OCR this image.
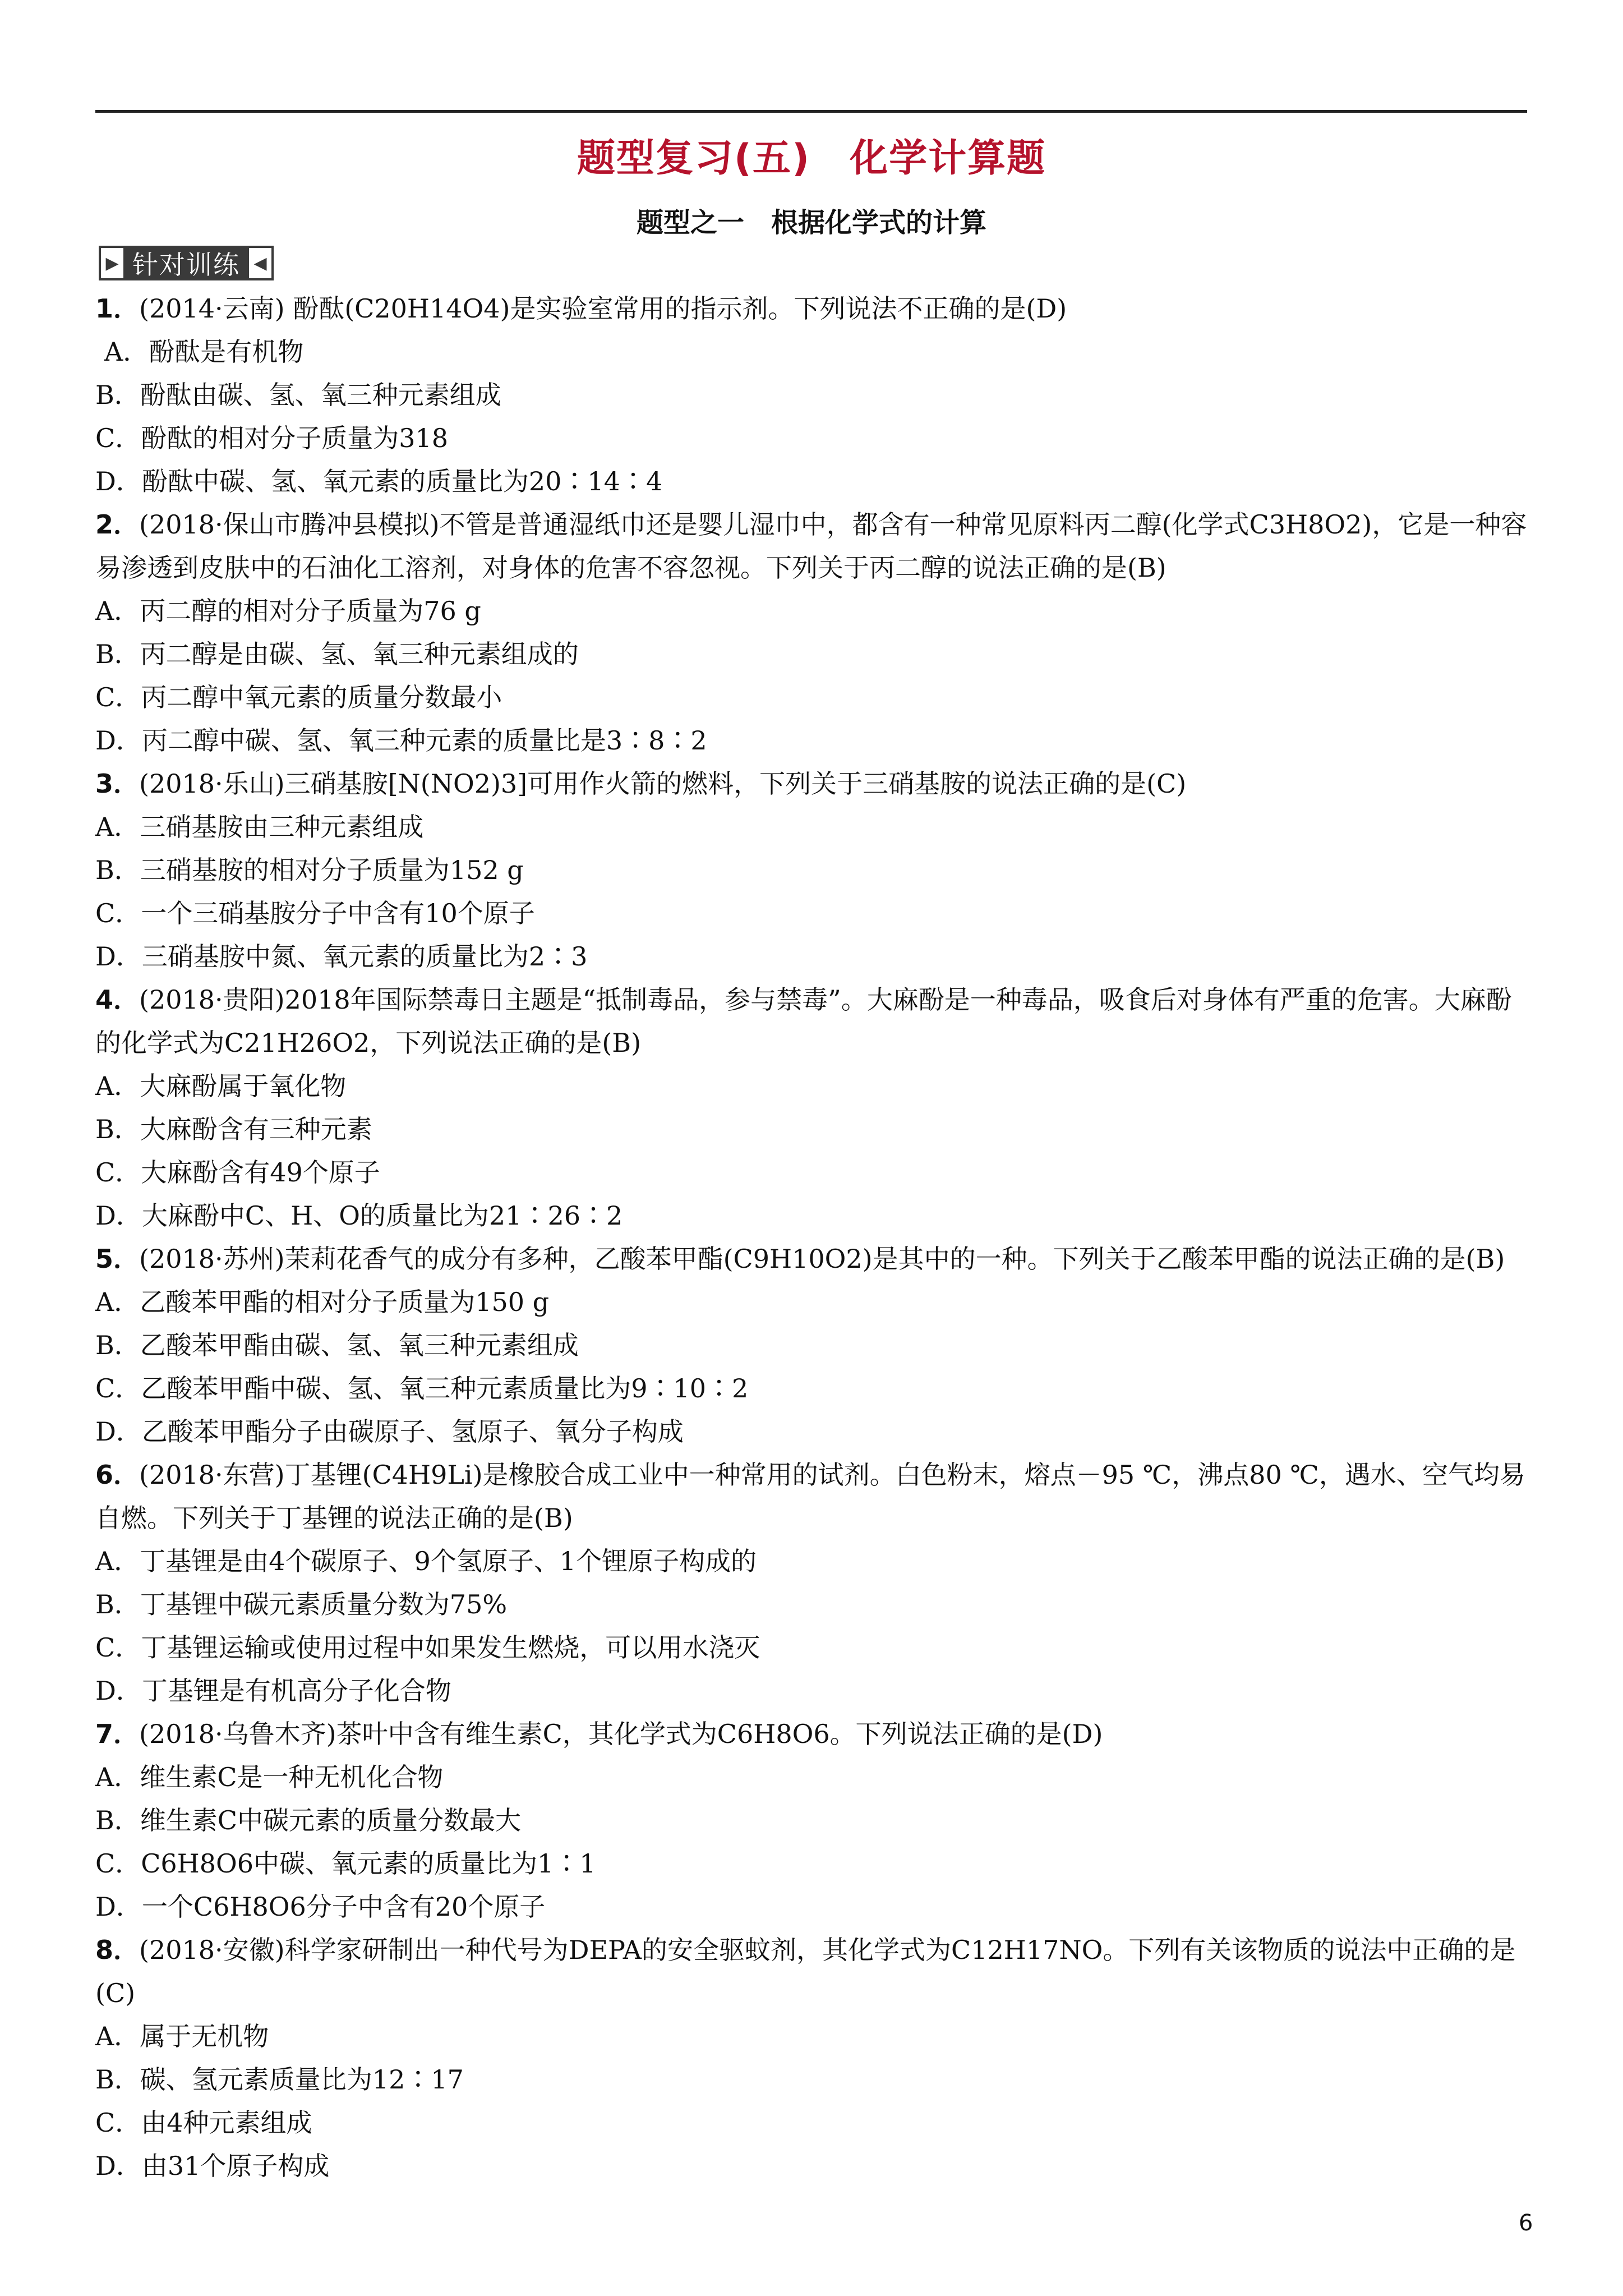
题型复习(五)　化学计算题
题型之一　根据化学式的计算
▶ 针对训练 ◀

1．(2014·云南) 酚酞(C20H14O4)是实验室常用的指示剂。下列说法不正确的是(D)

A．酚酞是有机物

B．酚酞由碳、氢、氧三种元素组成

C．酚酞的相对分子质量为318

D．酚酞中碳、氢、氧元素的质量比为20∶14∶4

2．(2018·保山市腾冲县模拟)不管是普通湿纸巾还是婴儿湿巾中，都含有一种常见原料丙二醇(化学式C3H8O2)，它是一种容易渗透到皮肤中的石油化工溶剂，对身体的危害不容忽视。下列关于丙二醇的说法正确的是(B)

A．丙二醇的相对分子质量为76 g

B．丙二醇是由碳、氢、氧三种元素组成的

C．丙二醇中氧元素的质量分数最小

D．丙二醇中碳、氢、氧三种元素的质量比是3∶8∶2

3．(2018·乐山)三硝基胺[N(NO2)3]可用作火箭的燃料，下列关于三硝基胺的说法正确的是(C)

A．三硝基胺由三种元素组成

B．三硝基胺的相对分子质量为152 g

C．一个三硝基胺分子中含有10个原子

D．三硝基胺中氮、氧元素的质量比为2∶3

4．(2018·贵阳)2018年国际禁毒日主题是“抵制毒品，参与禁毒”。大麻酚是一种毒品，吸食后对身体有严重的危害。大麻酚的化学式为C21H26O2，下列说法正确的是(B)

A．大麻酚属于氧化物

B．大麻酚含有三种元素

C．大麻酚含有49个原子

D．大麻酚中C、H、O的质量比为21∶26∶2

5．(2018·苏州)茉莉花香气的成分有多种，乙酸苯甲酯(C9H10O2)是其中的一种。下列关于乙酸苯甲酯的说法正确的是(B)

A．乙酸苯甲酯的相对分子质量为150 g

B．乙酸苯甲酯由碳、氢、氧三种元素组成

C．乙酸苯甲酯中碳、氢、氧三种元素质量比为9∶10∶2

D．乙酸苯甲酯分子由碳原子、氢原子、氧分子构成

6．(2018·东营)丁基锂(C4H9Li)是橡胶合成工业中一种常用的试剂。白色粉末，熔点－95 ℃，沸点80 ℃，遇水、空气均易自燃。下列关于丁基锂的说法正确的是(B)

A．丁基锂是由4个碳原子、9个氢原子、1个锂原子构成的

B．丁基锂中碳元素质量分数为75%

C．丁基锂运输或使用过程中如果发生燃烧，可以用水浇灭

D．丁基锂是有机高分子化合物

7．(2018·乌鲁木齐)茶叶中含有维生素C，其化学式为C6H8O6。下列说法正确的是(D)

A．维生素C是一种无机化合物

B．维生素C中碳元素的质量分数最大

C．C6H8O6中碳、氧元素的质量比为1∶1

D．一个C6H8O6分子中含有20个原子

8．(2018·安徽)科学家研制出一种代号为DEPA的安全驱蚊剂，其化学式为C12H17NO。下列有关该物质的说法中正确的是(C)

A．属于无机物

B．碳、氢元素质量比为12∶17

C．由4种元素组成

D．由31个原子构成

6
